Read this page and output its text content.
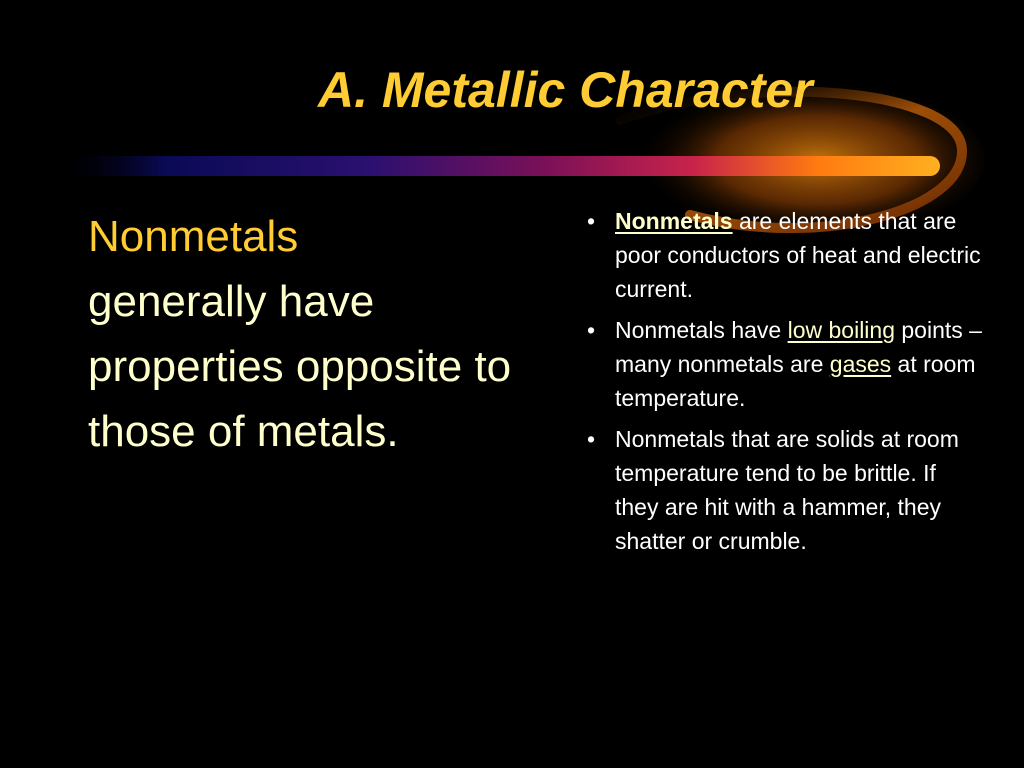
A. Metallic Character

Nonmetals
generally have properties opposite to those of metals.

• Nonmetals are elements that are poor conductors of heat and electric current.
• Nonmetals have low boiling points – many nonmetals are gases at room temperature.
• Nonmetals that are solids at room temperature tend to be brittle. If they are hit with a hammer, they shatter or crumble.
